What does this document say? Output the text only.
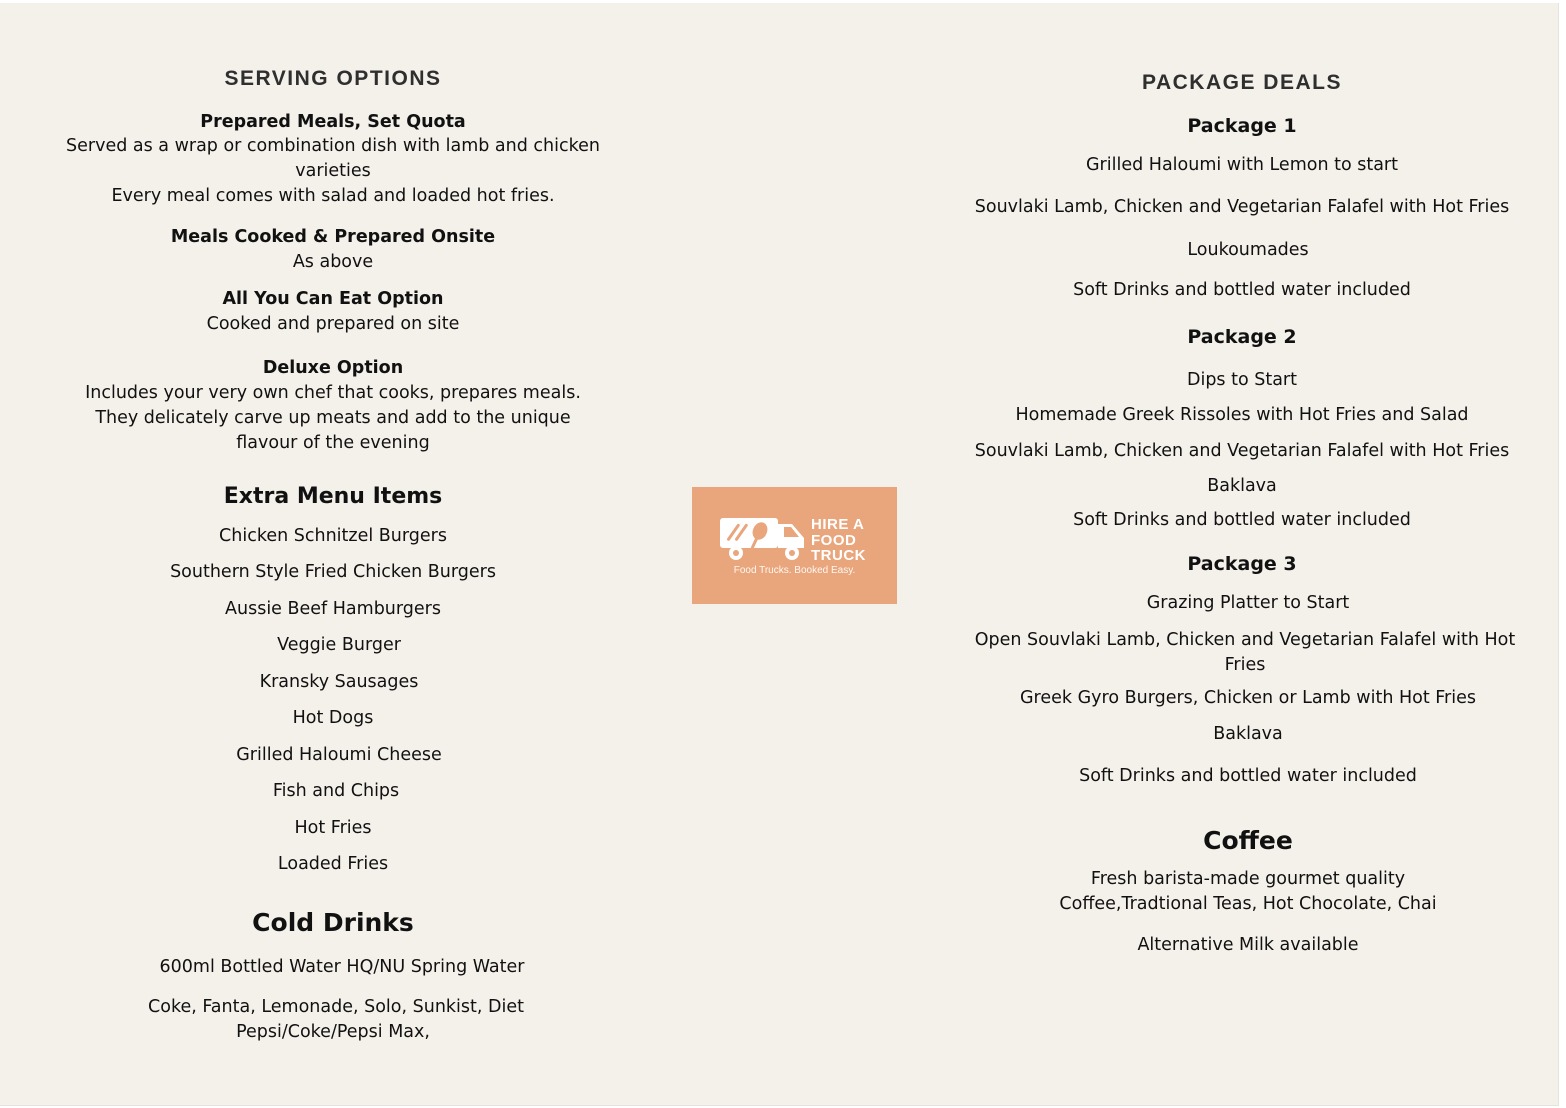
SERVING OPTIONS
Prepared Meals, Set Quota
Served as a wrap or combination dish with lamb and chicken
varieties
Every meal comes with salad and loaded hot fries.
Meals Cooked & Prepared Onsite
As above
All You Can Eat Option
Cooked and prepared on site
Deluxe Option
Includes your very own chef that cooks, prepares meals.
They delicately carve up meats and add to the unique
flavour of the evening
Extra Menu Items
Chicken Schnitzel Burgers
Southern Style Fried Chicken Burgers
Aussie Beef Hamburgers
Veggie Burger
Kransky Sausages
Hot Dogs
Grilled Haloumi Cheese
Fish and Chips
Hot Fries
Loaded Fries
Cold Drinks
600ml Bottled Water HQ/NU Spring Water
Coke, Fanta, Lemonade, Solo, Sunkist, Diet
Pepsi/Coke/Pepsi Max,
HIRE A
FOOD
TRUCK
Food Trucks. Booked Easy.
PACKAGE DEALS
Package 1
Grilled Haloumi with Lemon to start
Souvlaki Lamb, Chicken and Vegetarian Falafel with Hot Fries
Loukoumades
Soft Drinks and bottled water included
Package 2
Dips to Start
Homemade Greek Rissoles with Hot Fries and Salad
Souvlaki Lamb, Chicken and Vegetarian Falafel with Hot Fries
Baklava
Soft Drinks and bottled water included
Package 3
Grazing Platter to Start
Open Souvlaki Lamb, Chicken and Vegetarian Falafel with Hot
Fries
Greek Gyro Burgers, Chicken or Lamb with Hot Fries
Baklava
Soft Drinks and bottled water included
Coffee
Fresh barista-made gourmet quality
Coffee,Tradtional Teas, Hot Chocolate, Chai
Alternative Milk available
